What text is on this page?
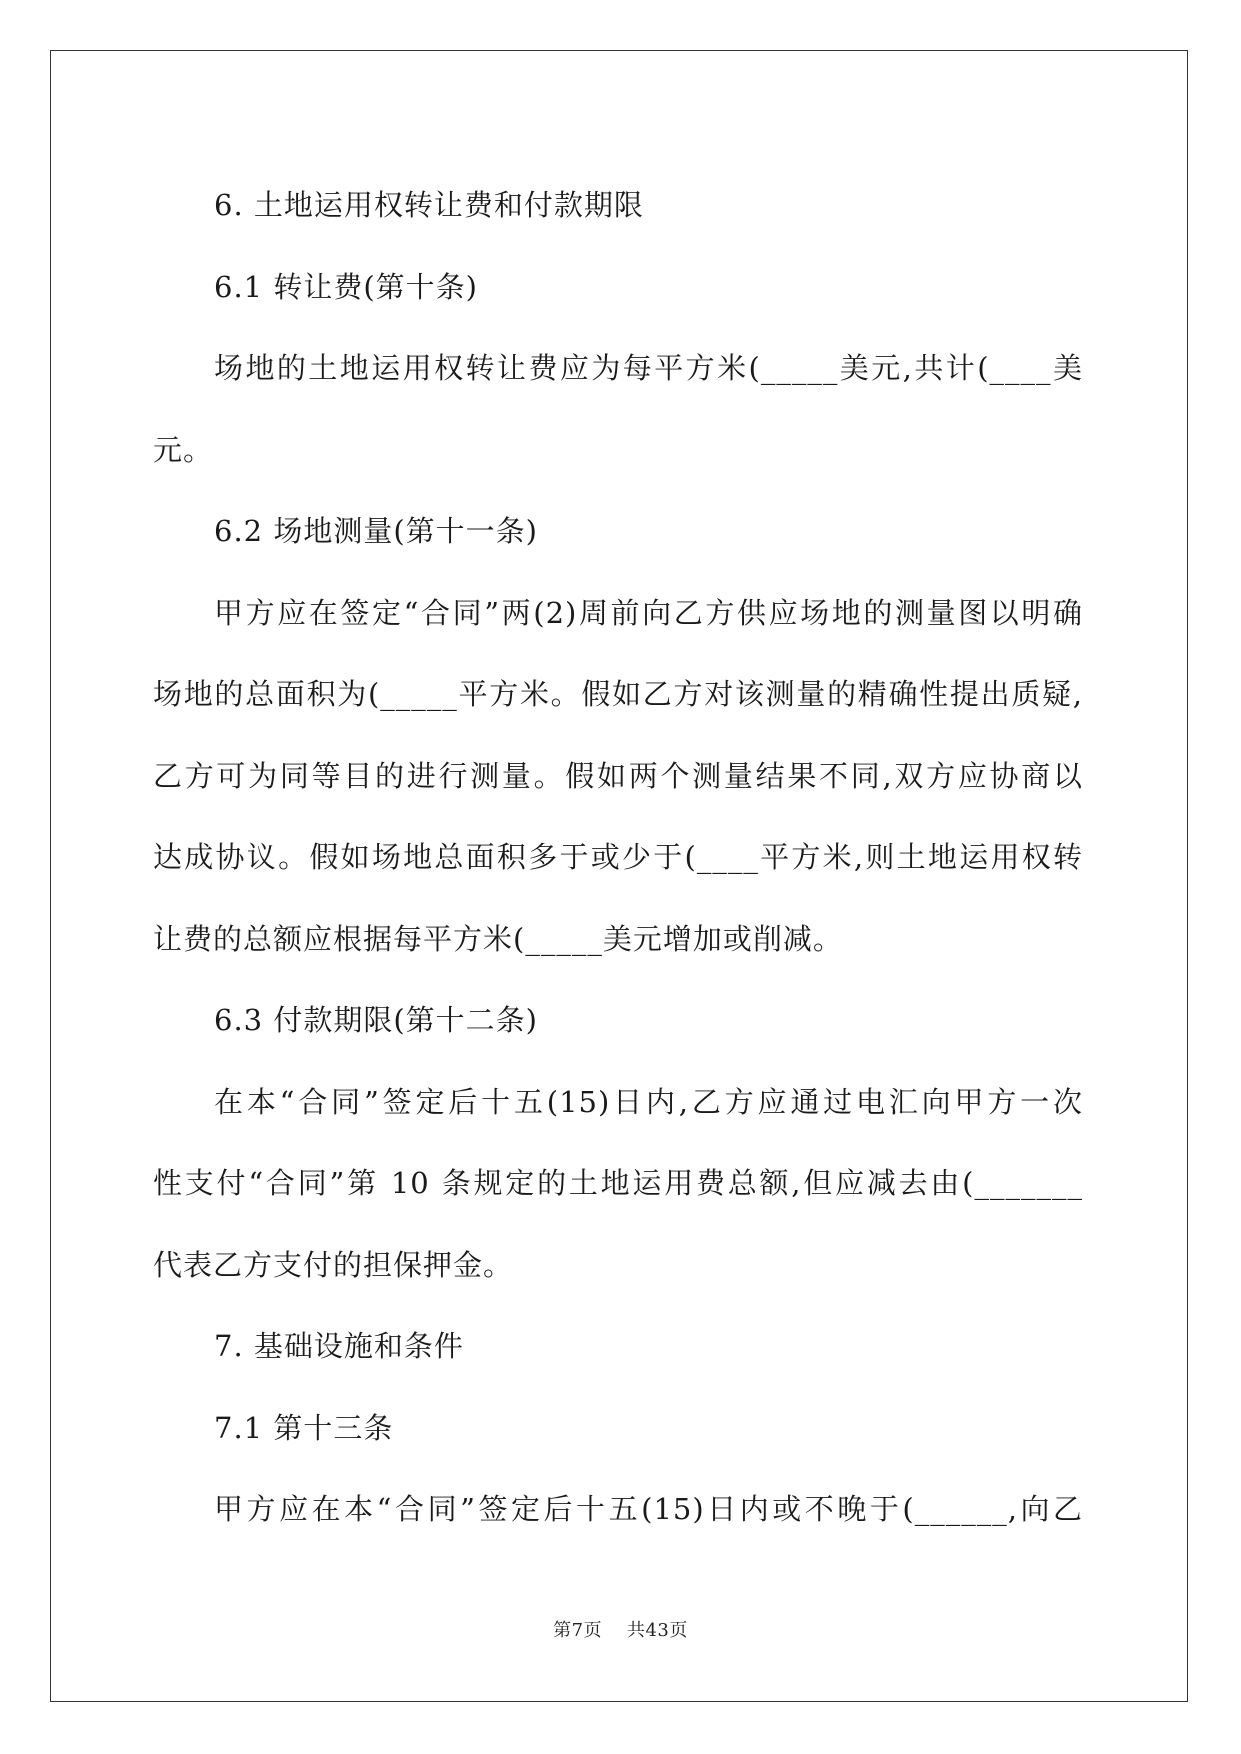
6. 土地运用权转让费和付款期限
6.1 转让费(第十条)
场地的土地运用权转让费应为每平方米(_____美元,共计(____美
元。
6.2 场地测量(第十一条)
甲方应在签定“合同”两(2)周前向乙方供应场地的测量图以明确
场地的总面积为(_____平方米。假如乙方对该测量的精确性提出质疑,
乙方可为同等目的进行测量。假如两个测量结果不同,双方应协商以
达成协议。假如场地总面积多于或少于(____平方米,则土地运用权转
让费的总额应根据每平方米(_____美元增加或削减。
6.3 付款期限(第十二条)
在本“合同”签定后十五(15)日内,乙方应通过电汇向甲方一次
性支付“合同”第 10 条规定的土地运用费总额,但应减去由(_______
代表乙方支付的担保押金。
7. 基础设施和条件
7.1 第十三条
甲方应在本“合同”签定后十五(15)日内或不晚于(______,向乙
第7页 共43页
